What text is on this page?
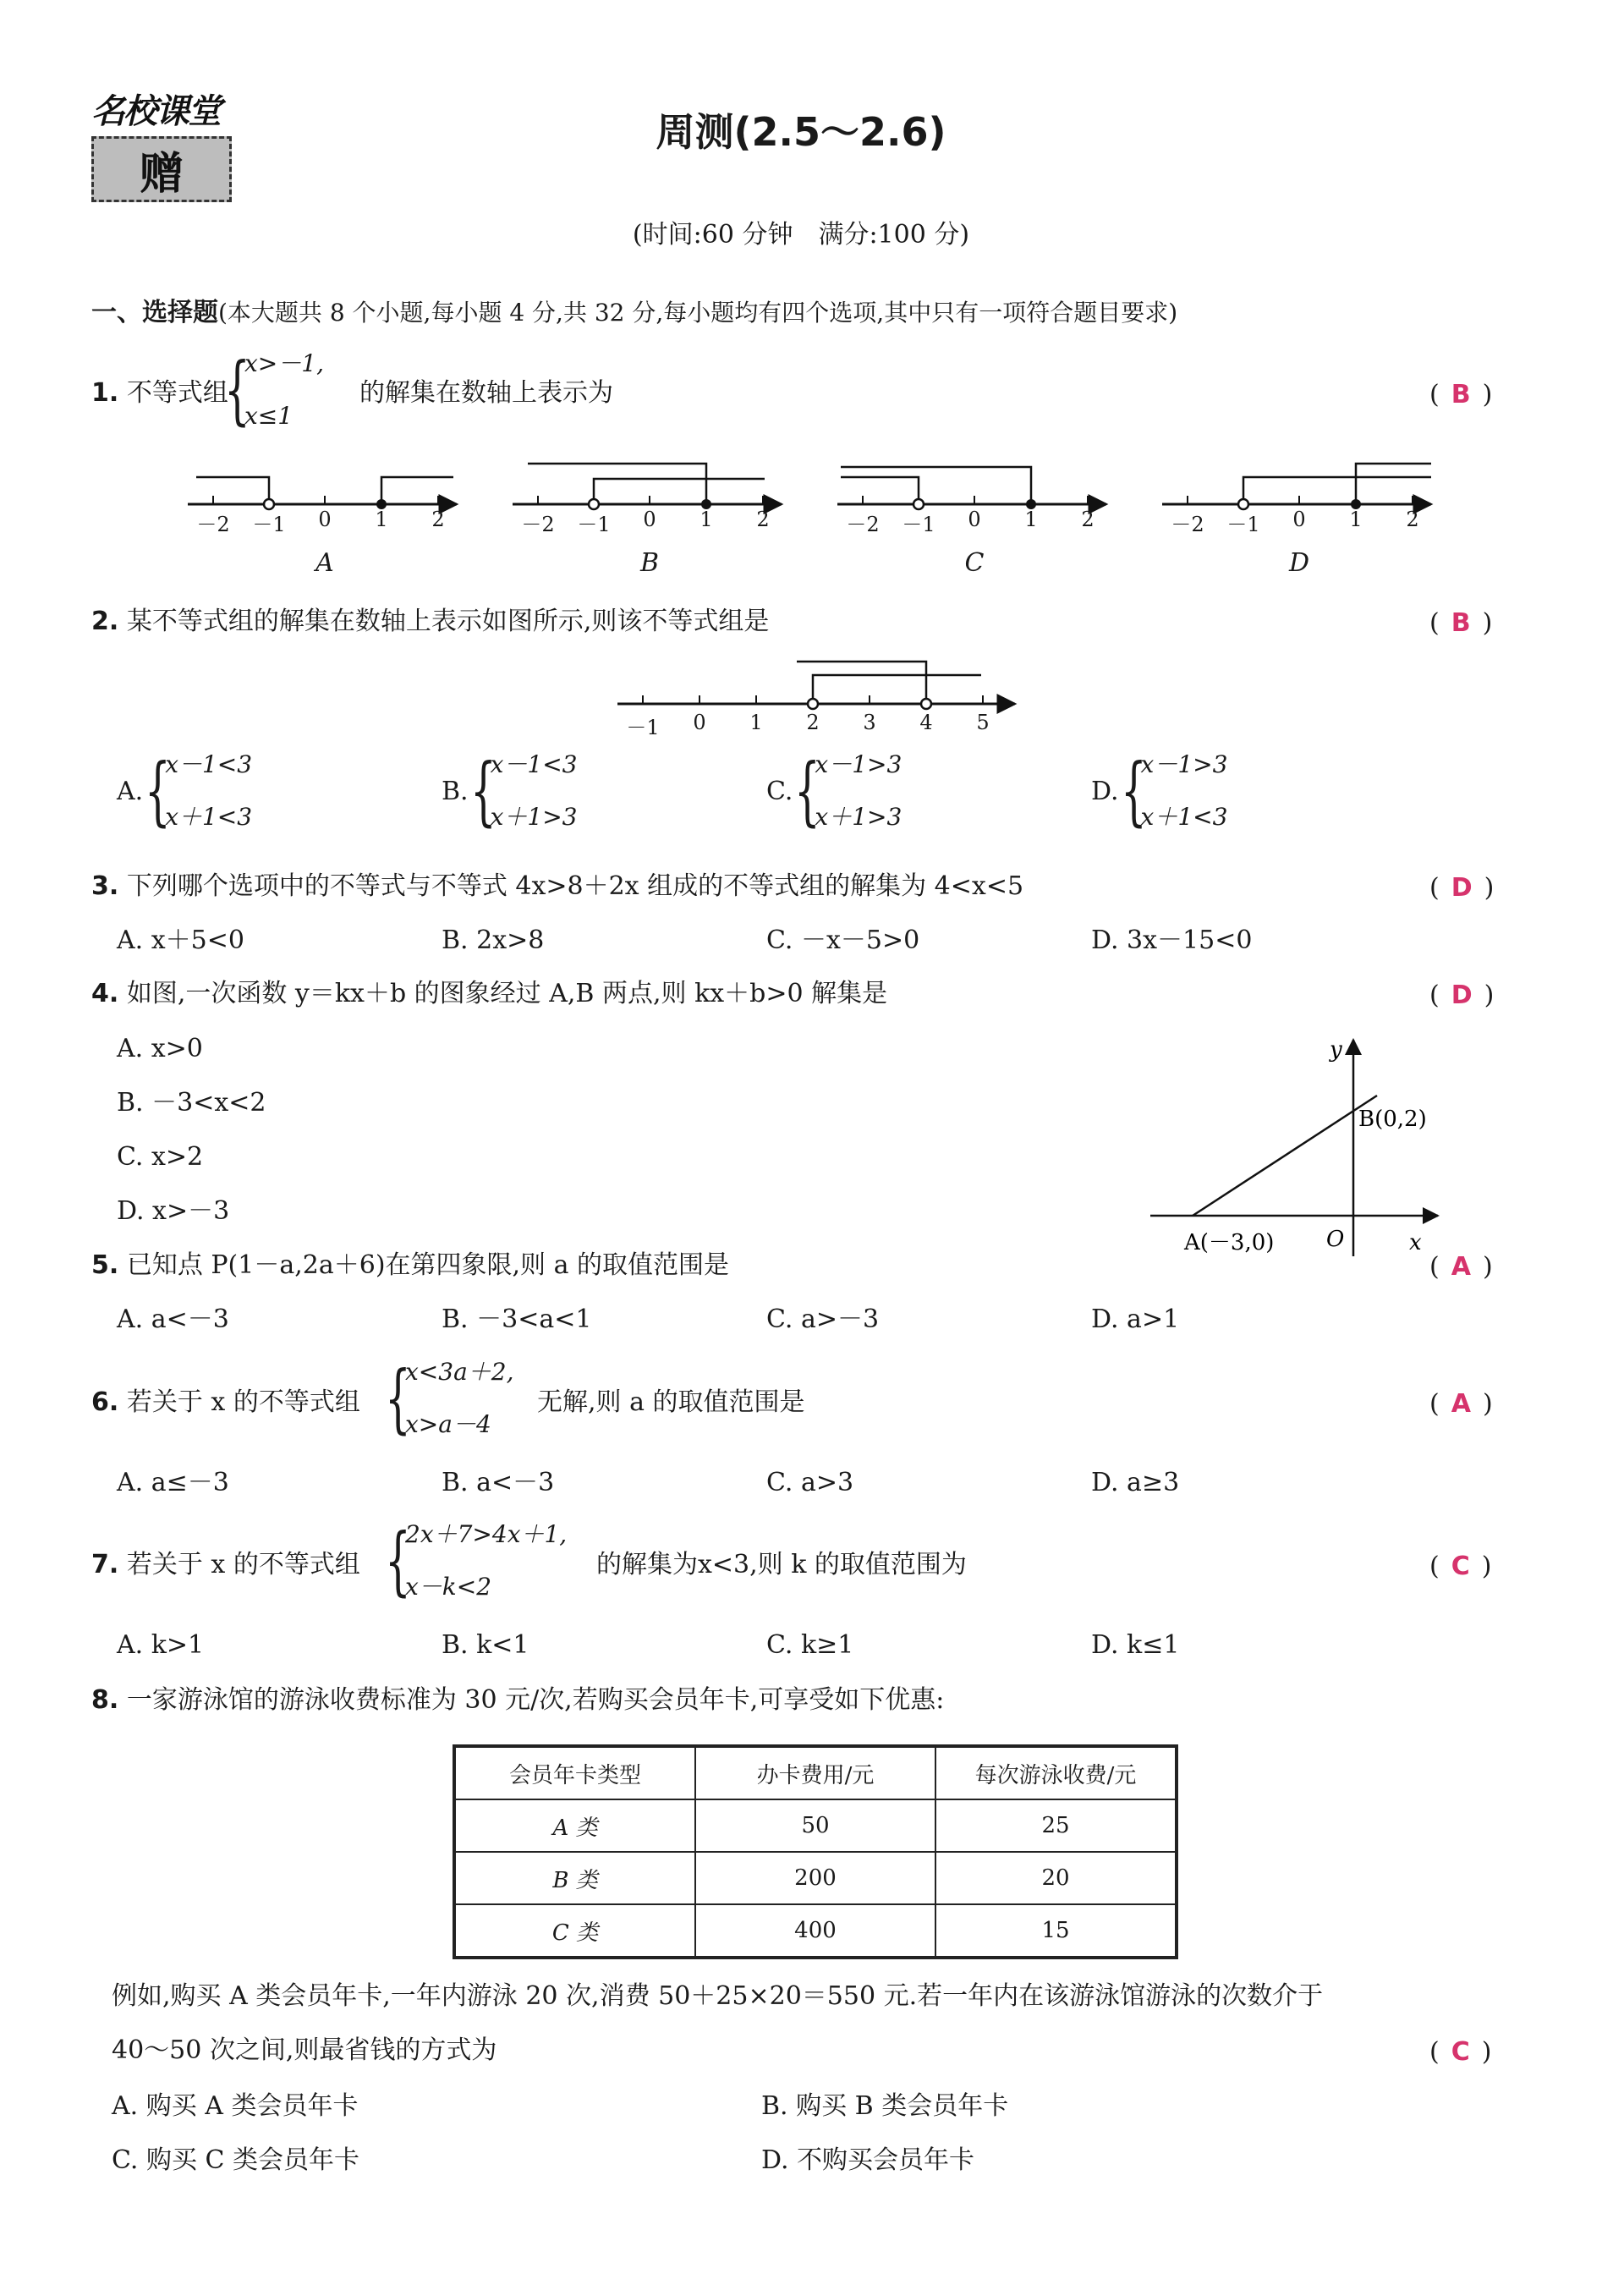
名校课堂
赠
周测(2.5～2.6)
(时间:60 分钟　满分:100 分)
一、选择题(本大题共 8 个小题,每小题 4 分,共 32 分,每小题均有四个选项,其中只有一项符合题目要求)
1. 不等式组
{
x>－1,
x≤1
的解集在数轴上表示为	( B )
－2	－1	0	1	2
A
－2	－1	0	1	2
B
－2	－1	0	1	2
C
－2	－1	0	1	2
D
2. 某不等式组的解集在数轴上表示如图所示,则该不等式组是	( B )
－1	0	1	2	3	4	5
A. {
x－1<3
x＋1<3
B. {
x－1<3
x＋1>3
C. {
x－1>3
x＋1>3
D. {
x－1>3
x＋1<3
3. 下列哪个选项中的不等式与不等式 4x>8＋2x 组成的不等式组的解集为 4<x<5	( D )
A. x＋5<0	B. 2x>8	C. －x－5>0	D. 3x－15<0
4. 如图,一次函数 y＝kx＋b 的图象经过 A,B 两点,则 kx＋b>0 解集是	( D )
A. x>0
B. －3<x<2
C. x>2
D. x>－3
y
x
O
A(－3,0)
B(0,2)
5. 已知点 P(1－a,2a＋6)在第四象限,则 a 的取值范围是	( A )
A. a<－3	B. －3<a<1	C. a>－3	D. a>1
6. 若关于 x 的不等式组 {
x<3a＋2,
x>a－4
无解,则 a 的取值范围是	( A )
A. a≤－3	B. a<－3	C. a>3	D. a≥3
7. 若关于 x 的不等式组 {
2x＋7>4x＋1,
x－k<2
的解集为x<3,则 k 的取值范围为	( C )
A. k>1	B. k<1	C. k≥1	D. k≤1
8. 一家游泳馆的游泳收费标准为 30 元/次,若购买会员年卡,可享受如下优惠:
会员年卡类型	办卡费用/元	每次游泳收费/元
A 类	50	25
B 类	200	20
C 类	400	15
例如,购买 A 类会员年卡,一年内游泳 20 次,消费 50＋25×20＝550 元.若一年内在该游泳馆游泳的次数介于
40～50 次之间,则最省钱的方式为	( C )
A. 购买 A 类会员年卡	B. 购买 B 类会员年卡
C. 购买 C 类会员年卡	D. 不购买会员年卡
